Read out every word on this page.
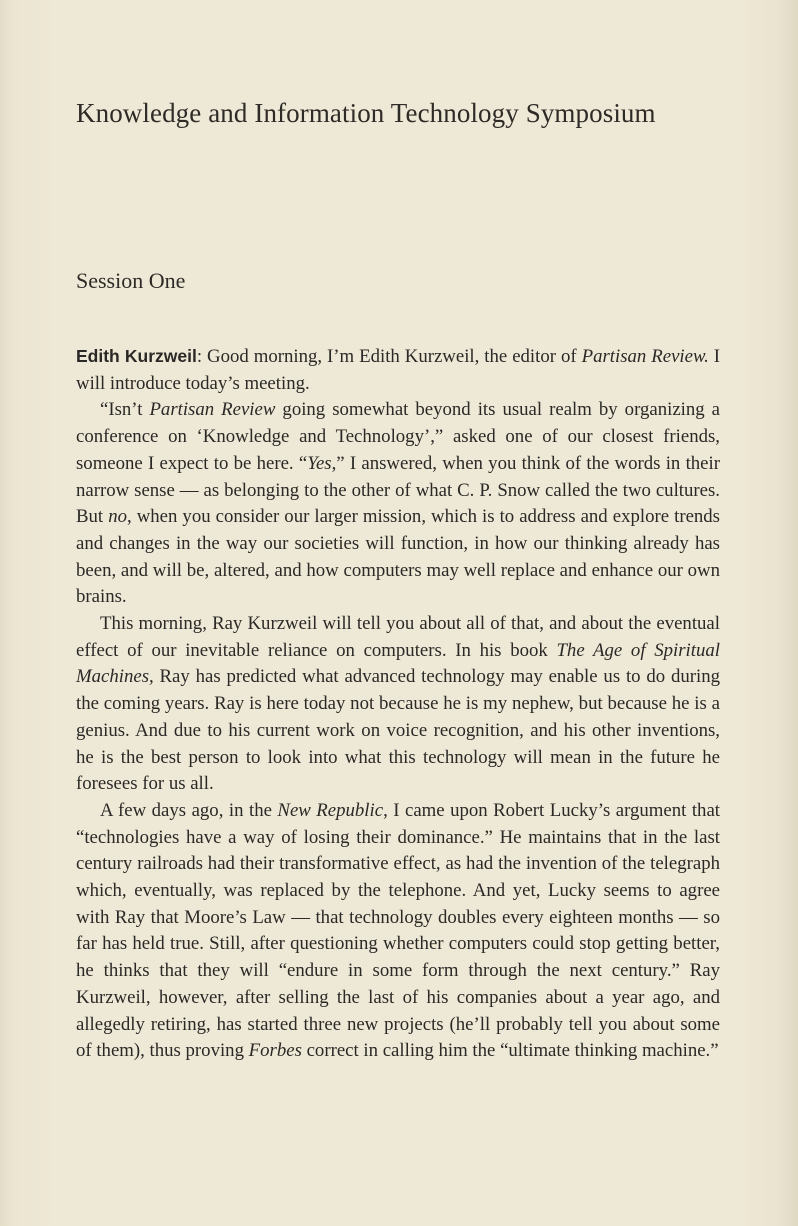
Knowledge and Information Technology Symposium
Session One

Edith Kurzweil: Good morning, I’m Edith Kurzweil, the editor of Partisan Review. I will introduce today’s meeting.

“Isn’t Partisan Review going somewhat beyond its usual realm by organizing a conference on ‘Knowledge and Technology’,” asked one of our closest friends, someone I expect to be here. “Yes,” I answered, when you think of the words in their narrow sense — as belonging to the other of what C. P. Snow called the two cultures. But no, when you consider our larger mission, which is to address and explore trends and changes in the way our societies will function, in how our thinking already has been, and will be, altered, and how computers may well replace and enhance our own brains.

This morning, Ray Kurzweil will tell you about all of that, and about the eventual effect of our inevitable reliance on computers. In his book The Age of Spiritual Machines, Ray has predicted what advanced technology may enable us to do during the coming years. Ray is here today not because he is my nephew, but because he is a genius. And due to his current work on voice recognition, and his other inventions, he is the best person to look into what this technology will mean in the future he foresees for us all.

A few days ago, in the New Republic, I came upon Robert Lucky’s argument that “technologies have a way of losing their dominance.” He maintains that in the last century railroads had their transformative effect, as had the invention of the telegraph which, eventually, was replaced by the telephone. And yet, Lucky seems to agree with Ray that Moore’s Law — that technology doubles every eighteen months — so far has held true. Still, after questioning whether computers could stop getting better, he thinks that they will “endure in some form through the next century.” Ray Kurzweil, however, after selling the last of his companies about a year ago, and allegedly retiring, has started three new projects (he’ll probably tell you about some of them), thus proving Forbes correct in calling him the “ultimate thinking machine.”
